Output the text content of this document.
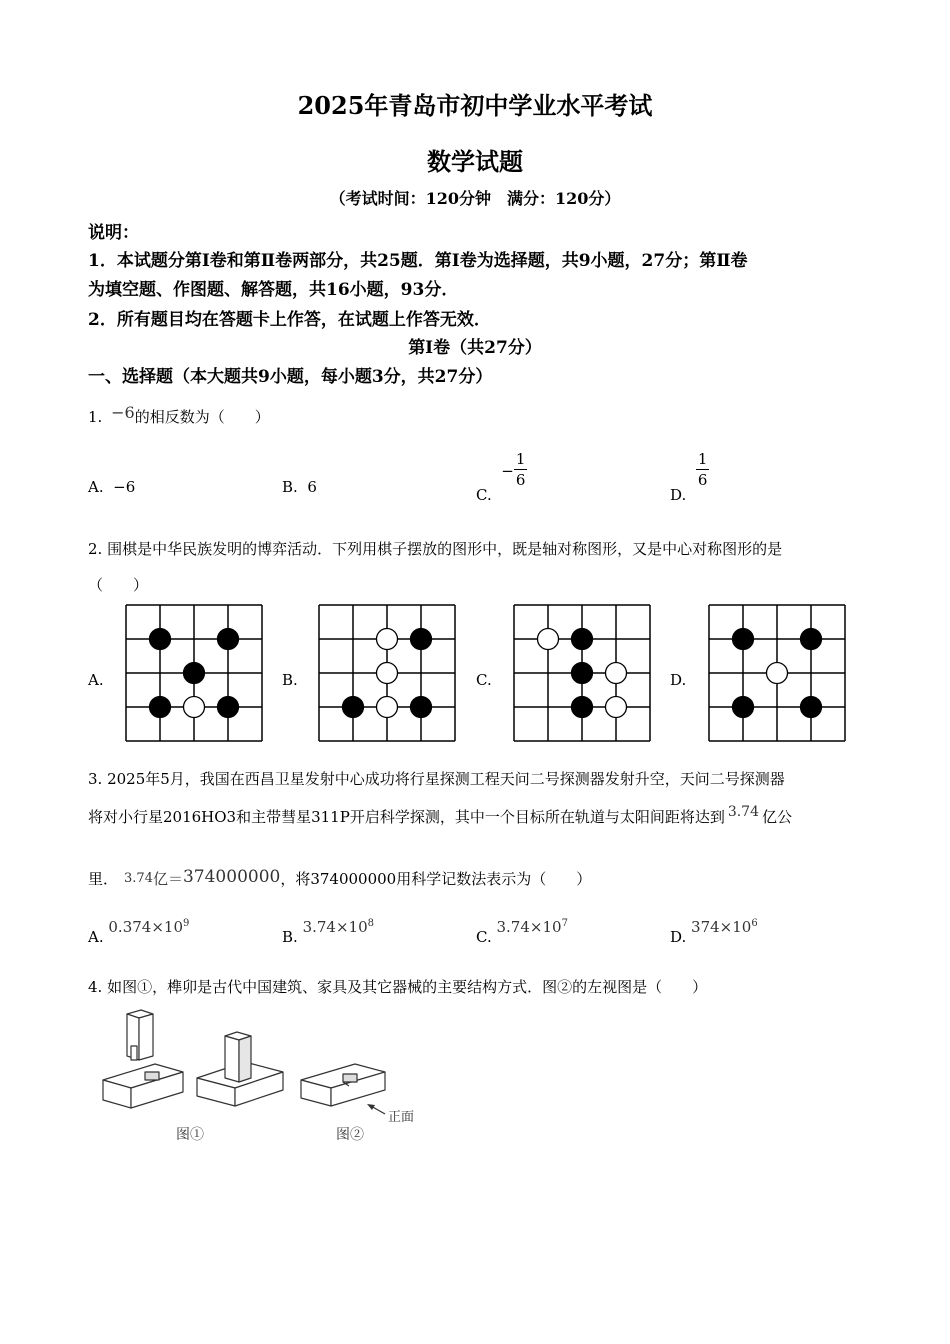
2025年青岛市初中学业水平考试
数学试题
（考试时间：120分钟　满分：120分）
说明：
1．本试题分第Ⅰ卷和第Ⅱ卷两部分，共25题．第Ⅰ卷为选择题，共9小题，27分；第Ⅱ卷
为填空题、作图题、解答题，共16小题，93分．
2．所有题目均在答题卡上作答，在试题上作答无效．
第Ⅰ卷（共27分）
一、选择题（本大题共9小题，每小题3分，共27分）
1. −6的相反数为（　　）
A. −6	B. 6	C.  − $\frac{1}{6}$
D.
$\frac{1}{6}$
2. 围棋是中华民族发明的博弈活动．下列用棋子摆放的图形中，既是轴对称图形，又是中心对称图形的是
（　　）
A.	B.	C.	D.
3. 2025年5月，我国在西昌卫星发射中心成功将行星探测工程天问二号探测器发射升空，天问二号探测器
将对小行星2016HO3和主带彗星311P开启科学探测，其中一个目标所在轨道与太阳间距将达到 3.74 亿公
里． 3.74亿＝374000000，将374000000用科学记数法表示为（　　）
A. $0.374\times 10^9$
B. $3.74\times 10^8$
C. $3.74\times 10^7$
D. $374\times 10^6$
4. 如图①，榫卯是古代中国建筑、家具及其它器械的主要结构方式．图②的左视图是（　　）
正面
图①	图②
